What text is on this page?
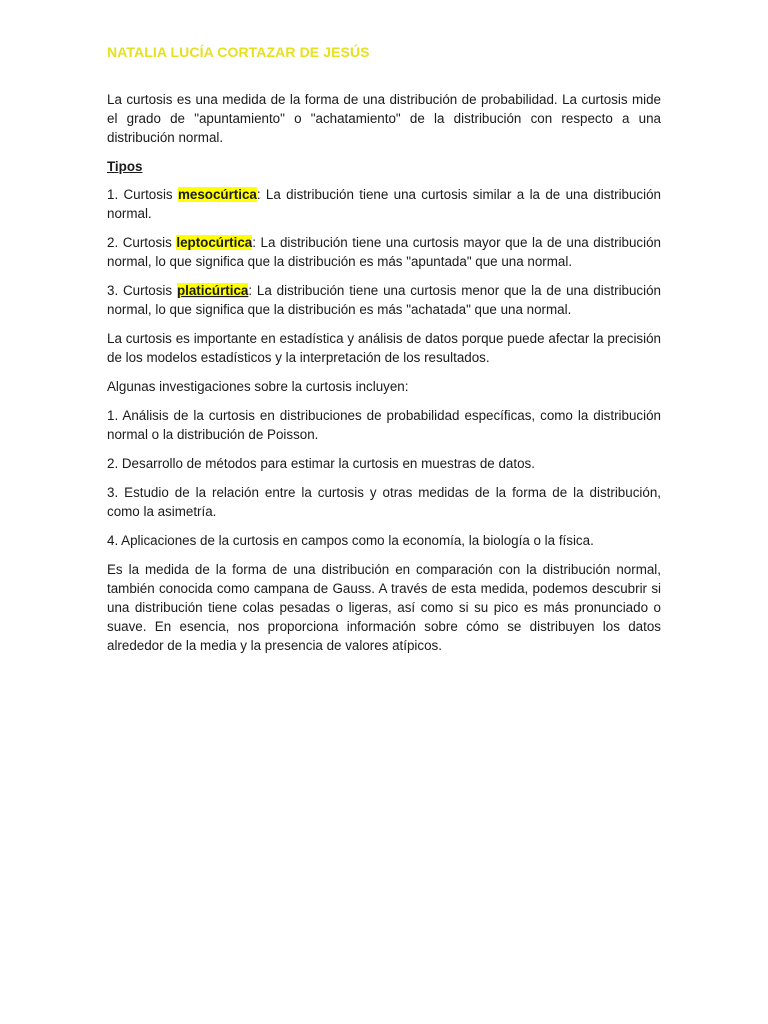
NATALIA LUCÍA CORTAZAR DE JESÚS

La curtosis es una medida de la forma de una distribución de probabilidad. La curtosis mide el grado de "apuntamiento" o "achatamiento" de la distribución con respecto a una distribución normal.

Tipos

1. Curtosis mesocúrtica: La distribución tiene una curtosis similar a la de una distribución normal.

2. Curtosis leptocúrtica: La distribución tiene una curtosis mayor que la de una distribución normal, lo que significa que la distribución es más "apuntada" que una normal.

3. Curtosis platicúrtica: La distribución tiene una curtosis menor que la de una distribución normal, lo que significa que la distribución es más "achatada" que una normal.

La curtosis es importante en estadística y análisis de datos porque puede afectar la precisión de los modelos estadísticos y la interpretación de los resultados.

Algunas investigaciones sobre la curtosis incluyen:

1. Análisis de la curtosis en distribuciones de probabilidad específicas, como la distribución normal o la distribución de Poisson.

2. Desarrollo de métodos para estimar la curtosis en muestras de datos.

3. Estudio de la relación entre la curtosis y otras medidas de la forma de la distribución, como la asimetría.

4. Aplicaciones de la curtosis en campos como la economía, la biología o la física.

Es la medida de la forma de una distribución en comparación con la distribución normal, también conocida como campana de Gauss. A través de esta medida, podemos descubrir si una distribución tiene colas pesadas o ligeras, así como si su pico es más pronunciado o suave. En esencia, nos proporciona información sobre cómo se distribuyen los datos alrededor de la media y la presencia de valores atípicos.
